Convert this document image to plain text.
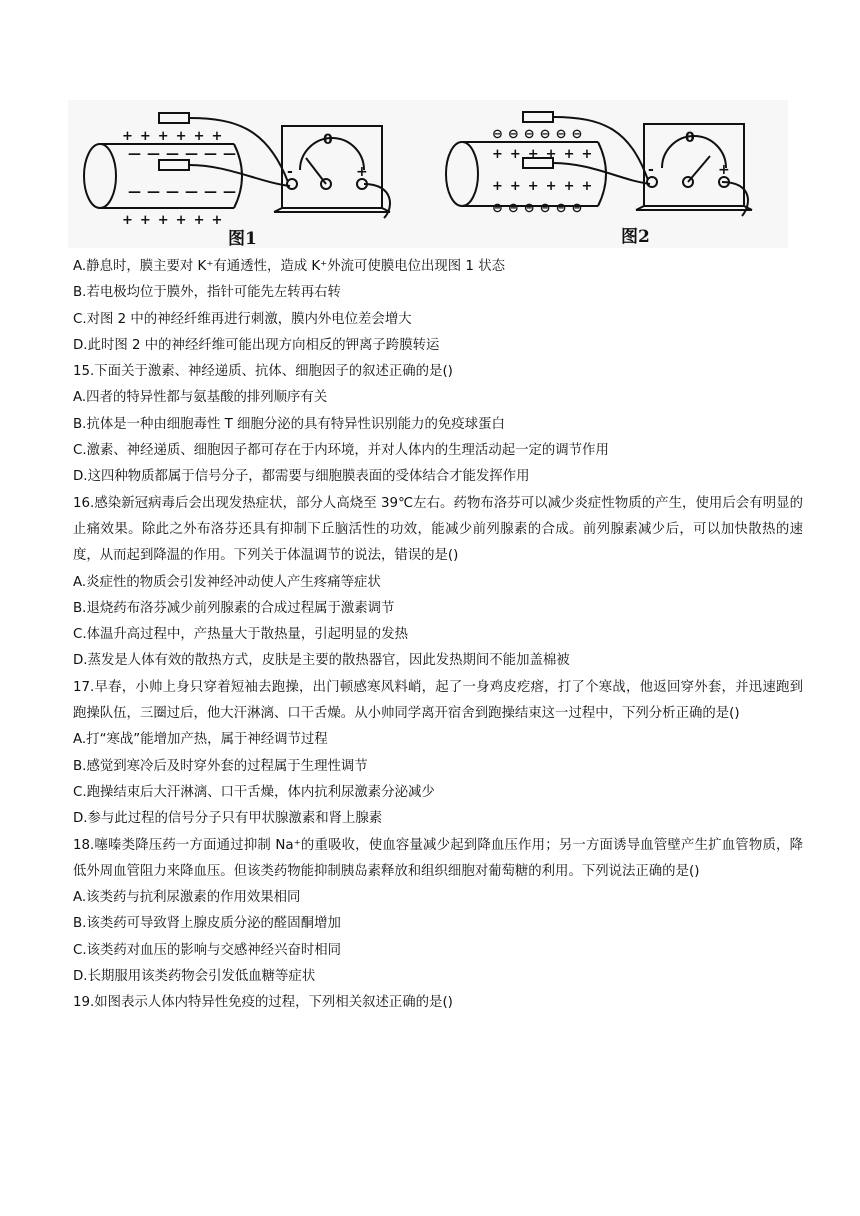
++++++
——————
——————
++++++
⊖⊖⊖⊖⊖⊖
++++++
++++++
⊖⊖⊖⊖⊖⊖
0
-	+
0
-	+
图1	图2
A.静息时，膜主要对 K⁺有通透性，造成 K⁺外流可使膜电位出现图 1 状态
B.若电极均位于膜外，指针可能先左转再右转
C.对图 2 中的神经纤维再进行刺激，膜内外电位差会增大
D.此时图 2 中的神经纤维可能出现方向相反的钾离子跨膜转运
15.下面关于激素、神经递质、抗体、细胞因子的叙述正确的是()
A.四者的特异性都与氨基酸的排列顺序有关
B.抗体是一种由细胞毒性 T 细胞分泌的具有特异性识别能力的免疫球蛋白
C.激素、神经递质、细胞因子都可存在于内环境，并对人体内的生理活动起一定的调节作用
D.这四种物质都属于信号分子，都需要与细胞膜表面的受体结合才能发挥作用
16.感染新冠病毒后会出现发热症状，部分人高烧至 39℃左右。药物布洛芬可以减少炎症性物质的产生，使用后会有明显的止痛效果。除此之外布洛芬还具有抑制下丘脑活性的功效，能减少前列腺素的合成。前列腺素减少后，可以加快散热的速度，从而起到降温的作用。下列关于体温调节的说法，错误的是()
A.炎症性的物质会引发神经冲动使人产生疼痛等症状
B.退烧药布洛芬减少前列腺素的合成过程属于激素调节
C.体温升高过程中，产热量大于散热量，引起明显的发热
D.蒸发是人体有效的散热方式，皮肤是主要的散热器官，因此发热期间不能加盖棉被
17.早春，小帅上身只穿着短袖去跑操，出门顿感寒风料峭，起了一身鸡皮疙瘩，打了个寒战，他返回穿外套，并迅速跑到跑操队伍，三圈过后，他大汗淋漓、口干舌燥。从小帅同学离开宿舍到跑操结束这一过程中，下列分析正确的是()
A.打“寒战”能增加产热，属于神经调节过程
B.感觉到寒冷后及时穿外套的过程属于生理性调节
C.跑操结束后大汗淋漓、口干舌燥，体内抗利尿激素分泌减少
D.参与此过程的信号分子只有甲状腺激素和肾上腺素
18.噻嗪类降压药一方面通过抑制 Na⁺的重吸收，使血容量减少起到降血压作用；另一方面诱导血管壁产生扩血管物质，降低外周血管阻力来降血压。但该类药物能抑制胰岛素释放和组织细胞对葡萄糖的利用。下列说法正确的是()
A.该类药与抗利尿激素的作用效果相同
B.该类药可导致肾上腺皮质分泌的醛固酮增加
C.该类药对血压的影响与交感神经兴奋时相同
D.长期服用该类药物会引发低血糖等症状
19.如图表示人体内特异性免疫的过程，下列相关叙述正确的是()
